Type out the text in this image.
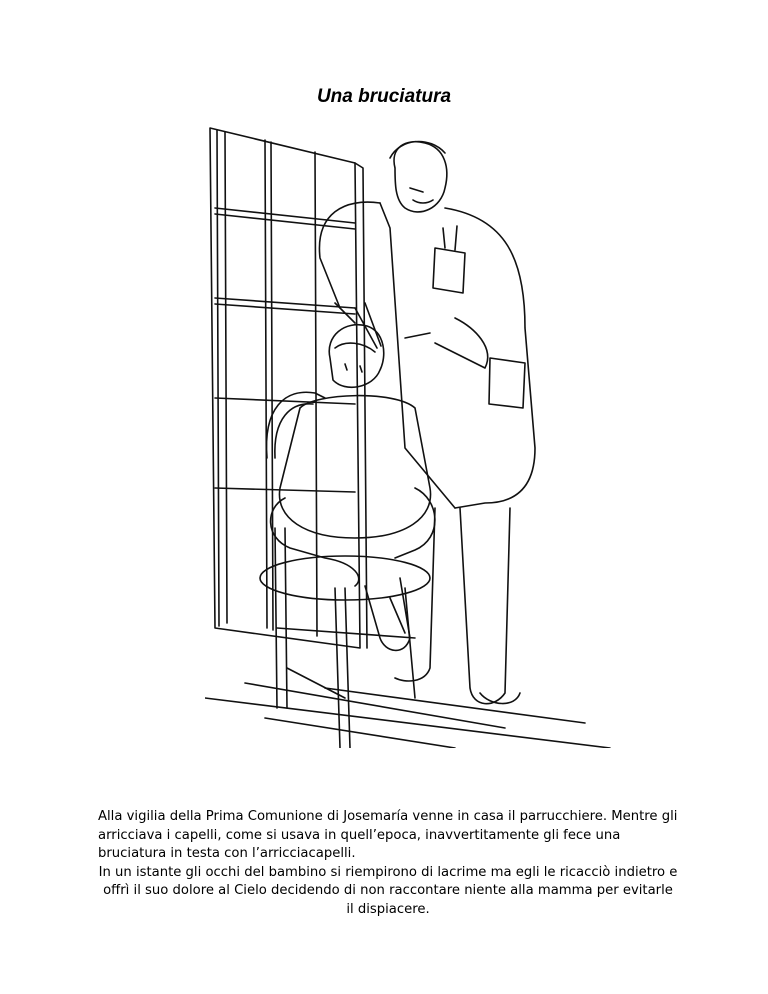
Una bruciatura

Alla vigilia della Prima Comunione di Josemaría venne in casa il parrucchiere. Mentre gli arricciava i capelli, come si usava in quell’epoca, inavvertitamente gli fece una bruciatura in testa con l’arricciacapelli.

In un istante gli occhi del bambino si riempirono di lacrime ma egli le ricacciò indietro e offrì il suo dolore al Cielo decidendo di non raccontare niente alla mamma per evitarle il dispiacere.
